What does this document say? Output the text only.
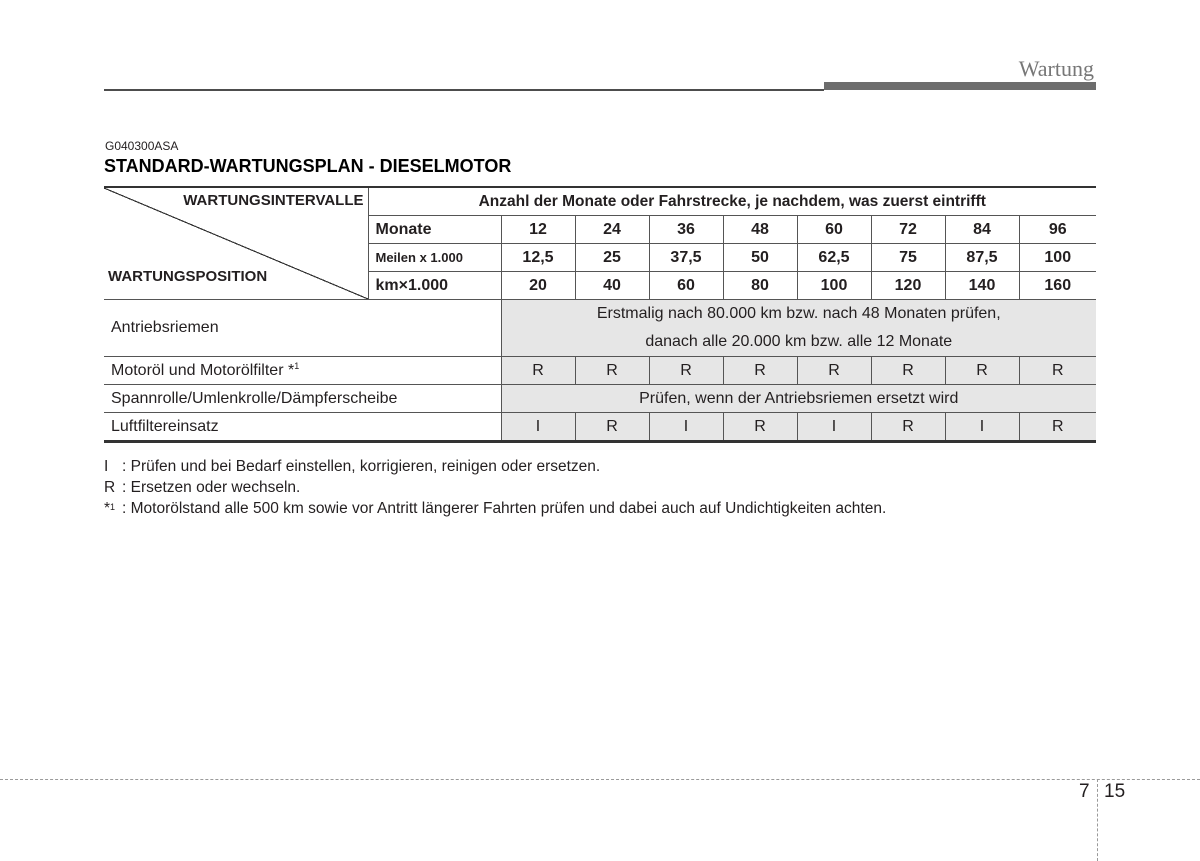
Wartung
G040300ASA
STANDARD-WARTUNGSPLAN - DIESELMOTOR
WARTUNGSINTERVALLE
WARTUNGSPOSITION	Anzahl der Monate oder Fahrstrecke, je nachdem, was zuerst eintrifft								
	Monate	12	24	36	48	60	72	84	96
	Meilen x 1.000	12,5	25	37,5	50	62,5	75	87,5	100
	km×1.000	20	40	60	80	100	120	140	160
Antriebsriemen		Erstmalig nach 80.000 km bzw. nach 48 Monaten prüfen,
danach alle 20.000 km bzw. alle 12 Monate							

Motoröl und Motorölfilter *$^1$		R	R	R	R	R	R	R	R
Spannrolle/Umlenkrolle/Dämpferscheibe		Prüfen, wenn der Antriebsriemen ersetzt wird							
Luftfiltereinsatz		I	R	I	R	I	R	I	R
I : Prüfen und bei Bedarf einstellen, korrigieren, reinigen oder ersetzen.
R : Ersetzen oder wechseln.
*$^1$ : Motorölstand alle 500 km sowie vor Antritt längerer Fahrten prüfen und dabei auch auf Undichtigkeiten achten.
7 15
